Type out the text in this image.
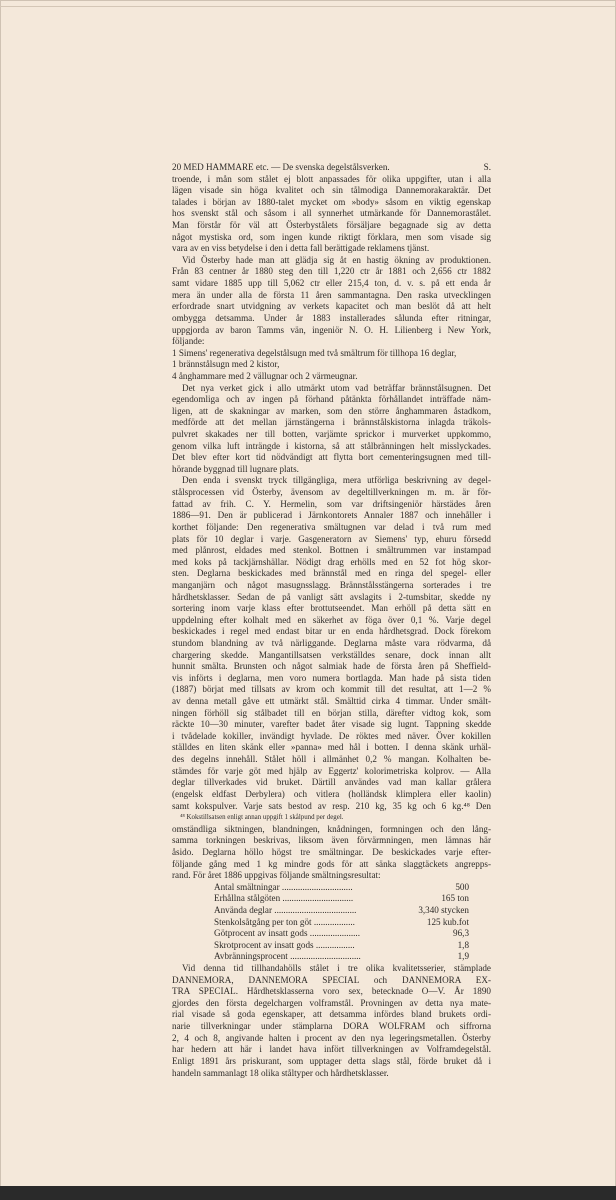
20 MED HAMMARE etc. — De svenska degelstålsverken.	S.
troende, i mån som stålet ej blott anpassades för olika uppgifter, utan i alla
lägen visade sin höga kvalitet och sin tålmodiga Dannemorakaraktär. Det
talades i början av 1880-talet mycket om »body» såsom en viktig egenskap
hos svenskt stål och såsom i all synnerhet utmärkande för Dannemorastålet.
Man förstår för väl att Österbystålets försäljare begagnade sig av detta
något mystiska ord, som ingen kunde riktigt förklara, men som visade sig
vara av en viss betydelse i den i detta fall berättigade reklamens tjänst.
Vid Österby hade man att glädja sig åt en hastig ökning av produktionen.
Från 83 centner år 1880 steg den till 1,220 ctr år 1881 och 2,656 ctr 1882
samt vidare 1885 upp till 5,062 ctr eller 215,4 ton, d. v. s. på ett enda år
mera än under alla de första 11 åren sammantagna. Den raska utvecklingen
erfordrade snart utvidgning av verkets kapacitet och man beslöt då att helt
ombygga detsamma. Under år 1883 installerades sålunda efter ritningar,
uppgjorda av baron Tamms vän, ingeniör N. O. H. Lilienberg i New York,
följande:
1 Simens' regenerativa degelstålsugn med två smältrum för tillhopa 16 deglar,
1 brännstålsugn med 2 kistor,
4 ånghammare med 2 vällugnar och 2 värmeugnar.
Det nya verket gick i allo utmärkt utom vad beträffar brännstålsugnen. Det
egendomliga och av ingen på förhand påtänkta förhållandet inträffade näm-
ligen, att de skakningar av marken, som den större ånghammaren åstadkom,
medförde att det mellan järnstängerna i brännstålskistorna inlagda träkols-
pulvret skakades ner till botten, varjämte sprickor i murverket uppkommo,
genom vilka luft inträngde i kistorna, så att stålbränningen helt misslyckades.
Det blev efter kort tid nödvändigt att flytta bort cementeringsugnen med till-
hörande byggnad till lugnare plats.
Den enda i svenskt tryck tillgängliga, mera utförliga beskrivning av degel-
stålsprocessen vid Österby, ävensom av degeltillverkningen m. m. är för-
fattad av frih. C. Y. Hermelin, som var driftsingeniör härstädes åren
1886—91. Den är publicerad i Järnkontorets Annaler 1887 och innehåller i
korthet följande: Den regenerativa smältugnen var delad i två rum med
plats för 10 deglar i varje. Gasgeneratorn av Siemens' typ, ehuru försedd
med plånrost, eldades med stenkol. Bottnen i smältrummen var instampad
med koks på tackjärnshällar. Nödigt drag erhölls med en 52 fot hög skor-
sten. Deglarna beskickades med brännstål med en ringa del spegel- eller
manganjärn och något masugnsslagg. Brännstålsstängerna sorterades i tre
hårdhetsklasser. Sedan de på vanligt sätt avslagits i 2-tumsbitar, skedde ny
sortering inom varje klass efter brottutseendet. Man erhöll på detta sätt en
uppdelning efter kolhalt med en säkerhet av föga över 0,1 %. Varje degel
beskickades i regel med endast bitar ur en enda hårdhetsgrad. Dock förekom
stundom blandning av två närliggande. Deglarna måste vara rödvarma, då
chargering skedde. Mangantillsatsen verkställdes senare, dock innan allt
hunnit smälta. Brunsten och något salmiak hade de första åren på Sheffield-
vis införts i deglarna, men voro numera bortlagda. Man hade på sista tiden
(1887) börjat med tillsats av krom och kommit till det resultat, att 1—2 %
av denna metall gåve ett utmärkt stål. Smälttid cirka 4 timmar. Under smält-
ningen förhöll sig stålbadet till en början stilla, därefter vidtog kok, som
räckte 10—30 minuter, varefter badet åter visade sig lugnt. Tappning skedde
i tvådelade kokiller, invändigt hyvlade. De röktes med näver. Över kokillen
ställdes en liten skänk eller »panna» med hål i botten. I denna skänk urhäl-
des degelns innehåll. Stålet höll i allmänhet 0,2 % mangan. Kolhalten be-
stämdes för varje göt med hjälp av Eggertz' kolorimetriska kolprov. — Alla
deglar tillverkades vid bruket. Därtill användes vad man kallar grålera
(engelsk eldfast Derbylera) och vitlera (holländsk klimplera eller kaolin)
samt kokspulver. Varje sats bestod av resp. 210 kg, 35 kg och 6 kg.⁴⁸ Den
⁴⁸ Kokstillsatsen enligt annan uppgift 1 skålpund per degel.
omständliga siktningen, blandningen, knådningen, formningen och den lång-
samma torkningen beskrivas, liksom även förvärmningen, men lämnas här
åsido. Deglarna höllo högst tre smältningar. De beskickades varje efter-
följande gång med 1 kg mindre gods för att sänka slaggtäckets angrepps-
rand. För året 1886 uppgivas följande smältningsresultat:
Antal smältningar ...............................	500
Erhållna stålgöten ...............................	165 ton
Använda deglar ....................................	3,340 stycken
Stenkolsåtgång per ton göt ..................	125 kub.fot
Götprocent av insatt gods ......................	96,3
Skrotprocent av insatt gods .................	1,8
Avbränningsprocent ...............................	1,9
Vid denna tid tillhandahölls stålet i tre olika kvalitetsserier, stämplade
DANNEMORA, DANNEMORA SPECIAL och DANNEMORA EX-
TRA SPECIAL. Hårdhetsklasserna voro sex, betecknade O—V. År 1890
gjordes den första degelchargen volframstål. Provningen av detta nya mate-
rial visade så goda egenskaper, att detsamma infördes bland brukets ordi-
narie tillverkningar under stämplarna DORA WOLFRAM och siffrorna
2, 4 och 8, angivande halten i procent av den nya legeringsmetallen. Österby
har hedern att här i landet hava infört tillverkningen av Volframdegelstål.
Enligt 1891 års priskurant, som upptager detta slags stål, förde bruket då i
handeln sammanlagt 18 olika ståltyper och hårdhetsklasser.
